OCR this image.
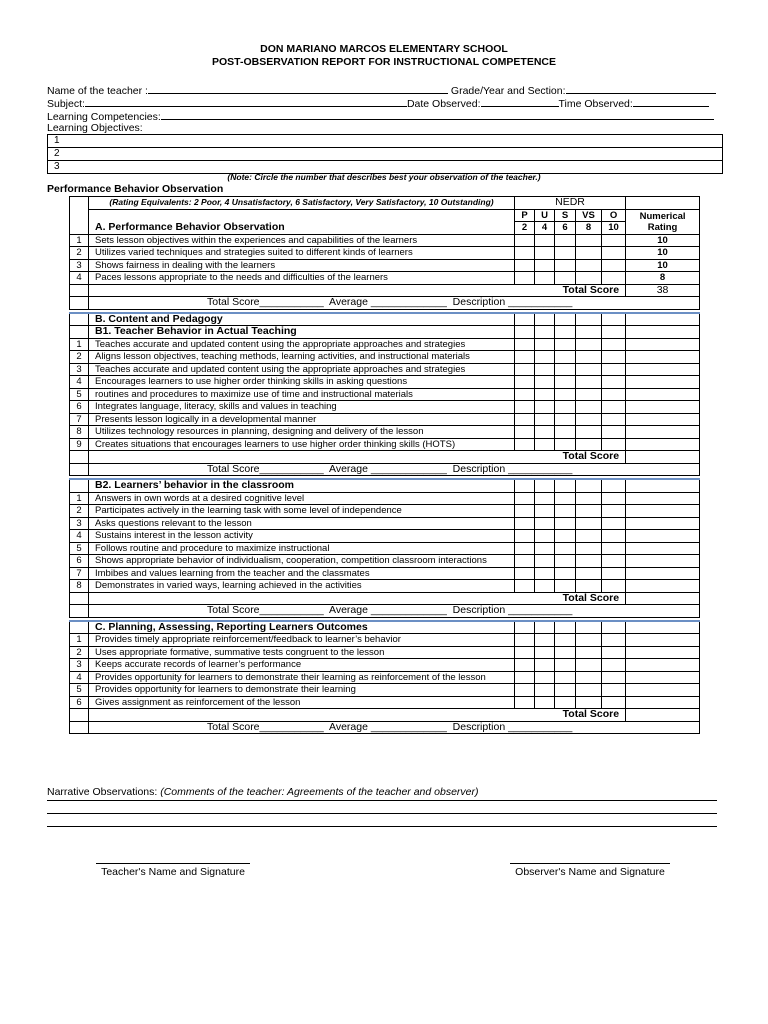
DON MARIANO MARCOS ELEMENTARY SCHOOL
POST-OBSERVATION REPORT FOR INSTRUCTIONAL COMPETENCE
Name of the teacher :	Grade/Year and Section:
Subject:	Date Observed:	Time Observed:
Learning Competencies:
Learning Objectives:
1
2
3
(Note: Circle the number that describes best your observation of the teacher.)
Performance Behavior Observation
	(Rating Equivalents: 2 Poor, 4 Unsatisfactory, 6 Satisfactory, Very Satisfactory, 10 Outstanding)	NEDR					
		P	U	S	VS	O	Numerical
Rating
	A. Performance Behavior Observation	2	4	6	8	10	
1	Sets lesson objectives within the experiences and capabilities of the learners						10
2	Utilizes varied techniques and strategies suited to different kinds of learners						10
3	Shows fairness in dealing with the learners						10
4	Paces lessons appropriate to the needs and difficulties of the learners						8
	Total Score						38
	Total Score___________ Average _____________ Description ___________						

	B. Content and Pedagogy						
	B1. Teacher Behavior in Actual Teaching						
1	Teaches accurate and updated content using the appropriate approaches and strategies						
2	Aligns lesson objectives, teaching methods, learning activities, and instructional materials						
3	Teaches accurate and updated content using the appropriate approaches and strategies						
4	Encourages learners to use higher order thinking skills in asking questions						
5	routines and procedures to maximize use of time and instructional materials						
6	Integrates language, literacy, skills and values in teaching						
7	Presents lesson logically in a developmental manner						
8	Utilizes technology resources in planning, designing and delivery of the lesson						
9	Creates situations that encourages learners to use higher order thinking skills (HOTS)						
	Total Score						
	Total Score___________ Average _____________ Description ___________						

	B2. Learners’ behavior in the classroom						
1	Answers in own words at a desired cognitive level						
2	Participates actively in the learning task with some level of independence						
3	Asks questions relevant to the lesson						
4	Sustains interest in the lesson activity						
5	Follows routine and procedure to maximize instructional						
6	Shows appropriate behavior of individualism, cooperation, competition classroom interactions						
7	Imbibes and values learning from the teacher and the classmates						
8	Demonstrates in varied ways, learning achieved in the activities						
	Total Score						
	Total Score___________ Average _____________ Description ___________						

	C. Planning, Assessing, Reporting Learners Outcomes						
1	Provides timely appropriate reinforcement/feedback to learner’s behavior						
2	Uses appropriate formative, summative tests congruent to the lesson						
3	Keeps accurate records of learner’s performance						
4	Provides opportunity for learners to demonstrate their learning as reinforcement of the lesson						
5	Provides opportunity for learners to demonstrate their learning						
6	Gives assignment as reinforcement of the lesson						
	Total Score						
	Total Score___________ Average _____________ Description ___________						
Narrative Observations: (Comments of the teacher: Agreements of the teacher and observer)
Teacher's Name and Signature	Observer's Name and Signature
